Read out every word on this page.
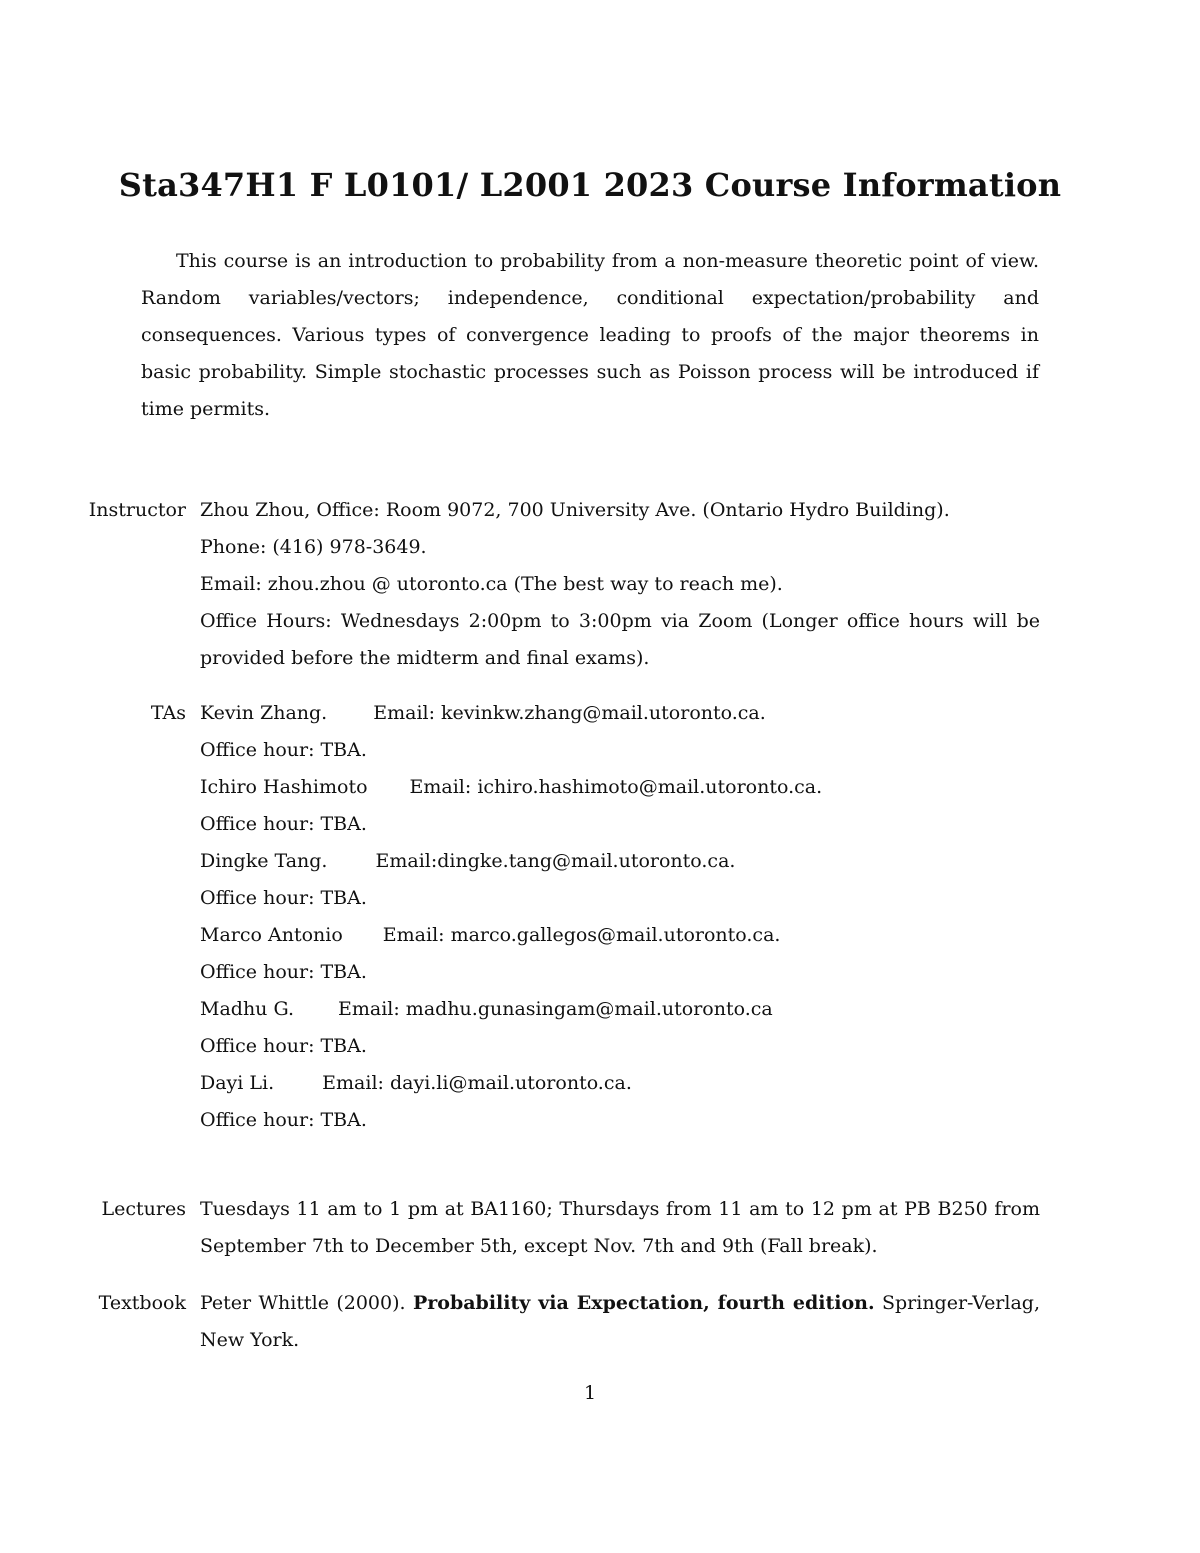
Sta347H1 F L0101/ L2001 2023 Course Information
This course is an introduction to probability from a non-measure theoretic point of view. Random variables/vectors; independence, conditional expectation/probability and consequences. Various types of convergence leading to proofs of the major theorems in basic probability. Simple stochastic processes such as Poisson process will be introduced if time permits.
Instructor Zhou Zhou, Office: Room 9072, 700 University Ave. (Ontario Hydro Building).
Phone: (416) 978-3649.
Email: zhou.zhou @ utoronto.ca (The best way to reach me).
Office Hours: Wednesdays 2:00pm to 3:00pm via Zoom (Longer office hours will be provided before the midterm and final exams).
TAs Kevin Zhang. Email: kevinkw.zhang@mail.utoronto.ca.
Office hour: TBA.
Ichiro Hashimoto Email: ichiro.hashimoto@mail.utoronto.ca.
Office hour: TBA.
Dingke Tang.	Email:dingke.tang@mail.utoronto.ca.
Office hour: TBA.
Marco Antonio Email: marco.gallegos@mail.utoronto.ca.
Office hour: TBA.
Madhu G. Email: madhu.gunasingam@mail.utoronto.ca
Office hour: TBA.
Dayi Li.	Email: dayi.li@mail.utoronto.ca.
Office hour: TBA.
Lectures Tuesdays 11 am to 1 pm at BA1160; Thursdays from 11 am to 12 pm at PB B250 from September 7th to December 5th, except Nov. 7th and 9th (Fall break).
Textbook Peter Whittle (2000). Probability via Expectation, fourth edition. Springer-Verlag, New York.
1
